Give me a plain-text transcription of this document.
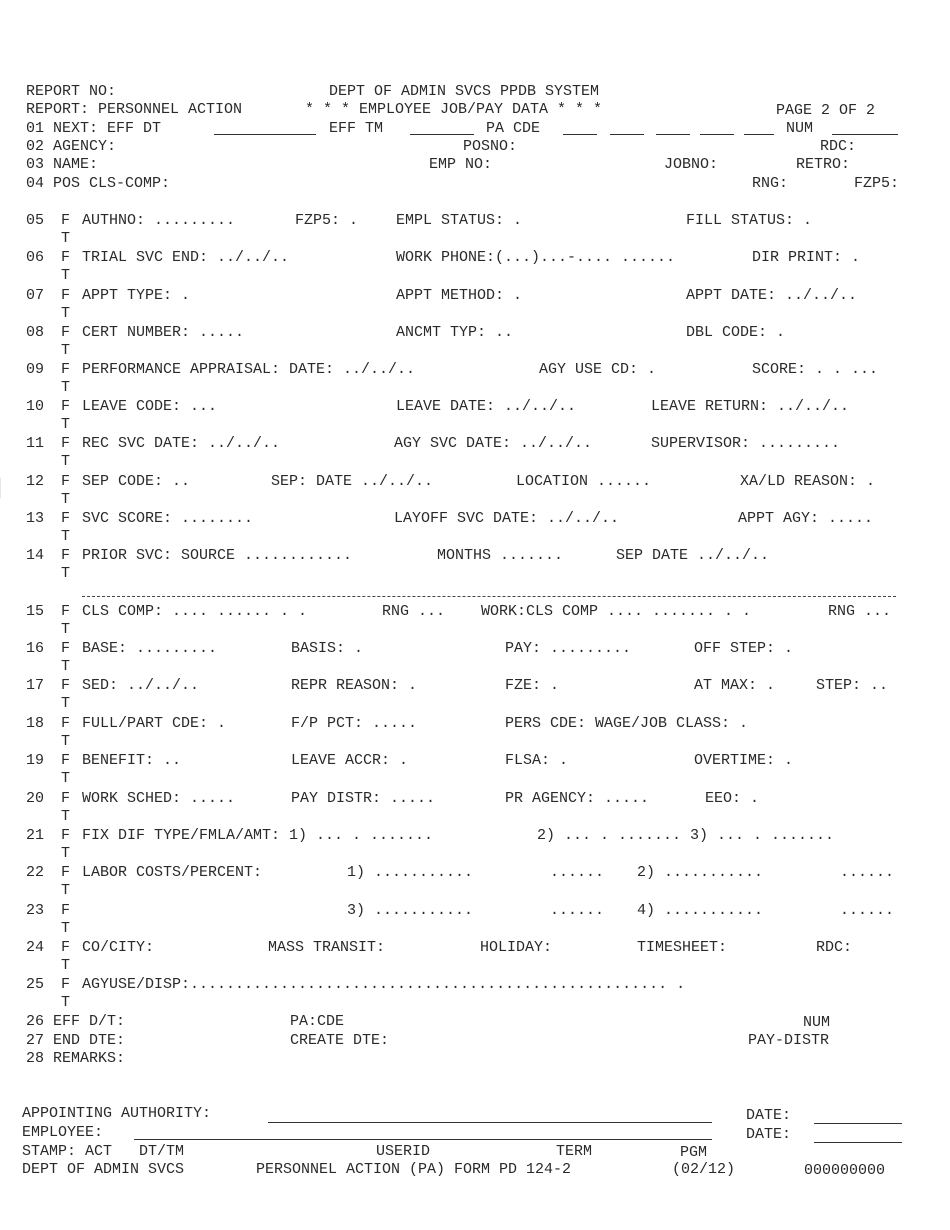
REPORT NO:	DEPT OF ADMIN SVCS PPDB SYSTEM
REPORT: PERSONNEL ACTION	* * * EMPLOYEE JOB/PAY DATA * * *	PAGE 2 OF 2
01 NEXT: EFF DT	EFF TM	PA CDE	NUM
02 AGENCY:	POSNO:	RDC:
03 NAME:	EMP NO:	JOBNO:	RETRO:
04 POS CLS-COMP:	RNG:	FZP5:
05 F
T
AUTHNO: .........	FZP5: .	EMPL STATUS: .	FILL STATUS: .
06 F
T
TRIAL SVC END: ../../..	WORK PHONE:(...)...-.... ......	DIR PRINT: .
07 F
T
APPT TYPE: .	APPT METHOD: .	APPT DATE: ../../..
08 F
T
CERT NUMBER: .....	ANCMT TYP: ..	DBL CODE: .
09 F
T
PERFORMANCE APPRAISAL: DATE: ../../..	AGY USE CD: .	SCORE: . . ...
10 F
T
LEAVE CODE: ...	LEAVE DATE: ../../..	LEAVE RETURN: ../../..
11 F
T
REC SVC DATE: ../../..	AGY SVC DATE: ../../..	SUPERVISOR: .........
12 F
T
SEP CODE: ..	SEP: DATE ../../..	LOCATION ......	XA/LD REASON: .
13 F
T
SVC SCORE: ........	LAYOFF SVC DATE: ../../..	APPT AGY: .....
14 F
T
PRIOR SVC: SOURCE ............	MONTHS .......	SEP DATE ../../..
15 F
T
CLS COMP: .... ...... . .	RNG ... WORK:CLS COMP .... ....... . .	RNG ...
16 F
T
BASE: .........	BASIS: .	PAY: .........	OFF STEP: .
17 F
T
SED: ../../..	REPR REASON: .	FZE: .	AT MAX: .	STEP: ..
18 F
T
FULL/PART CDE: .	F/P PCT: .....	PERS CDE: WAGE/JOB CLASS: .
19 F
T
BENEFIT: ..	LEAVE ACCR: .	FLSA: .	OVERTIME: .
20 F
T
WORK SCHED: .....	PAY DISTR: .....	PR AGENCY: .....	EEO: .
21 F
T
FIX DIF TYPE/FMLA/AMT: 1) ... . .......	2) ... . ....... 3) ... . .......
22 F
T
LABOR COSTS/PERCENT:	1) ...........	...... 2) ...........	......
23 F
T
3) ...........	...... 4) ...........	......
24 F
T
CO/CITY:	MASS TRANSIT:	HOLIDAY:	TIMESHEET:	RDC:
25 F
T
AGYUSE/DISP:..................................................... .
26 EFF D/T:	PA:CDE	NUM
27 END DTE:	CREATE DTE:	PAY-DISTR
28 REMARKS:
APPOINTING AUTHORITY:	DATE:
EMPLOYEE:	DATE:
STAMP: ACT   DT/TM	USERID	TERM	PGM
DEPT OF ADMIN SVCS	PERSONNEL ACTION (PA) FORM PD 124-2	(02/12)	000000000
